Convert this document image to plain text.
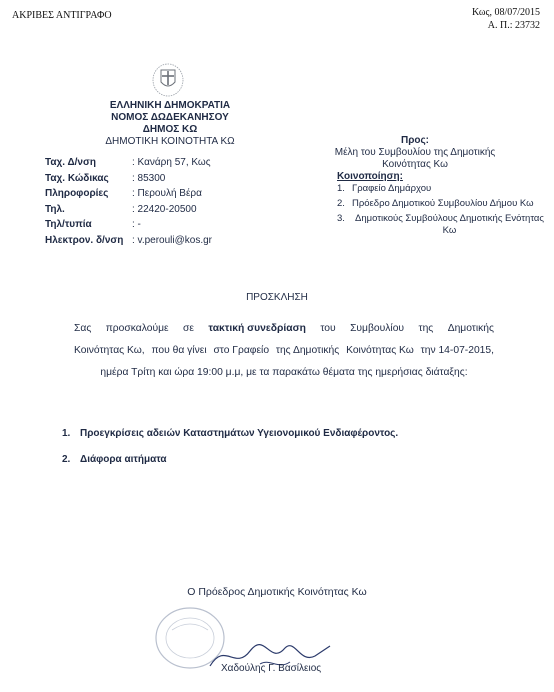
ΑΚΡΙΒΕΣ ΑΝΤΙΓΡΑΦΟ	Κως, 08/07/2015
Α. Π.: 23732
ΕΛΛΗΝΙΚΗ ΔΗΜΟΚΡΑΤΙΑ
ΝΟΜΟΣ ΔΩΔΕΚΑΝΗΣΟΥ
ΔΗΜΟΣ ΚΩ
ΔΗΜΟΤΙΚΗ ΚΟΙΝΟΤΗΤΑ ΚΩ
Ταχ. Δ/νση	: Κανάρη 57, Κως
Ταχ. Κώδικας : 85300
Πληροφορίες : Περουλή Βέρα
Τηλ.	: 22420-20500
Τηλ/τυπία	: -
Ηλεκτρον. δ/νση : v.perouli@kos.gr
Προς:
Μέλη του Συμβουλίου της Δημοτικής
Κοινότητας Κω
Κοινοποίηση:
1. Γραφείο Δημάρχου
2. Πρόεδρο Δημοτικού Συμβουλίου Δήμου Κω
3.	Δημοτικούς Συμβούλους Δημοτικής Ενότητας Κω
ΠΡΟΣΚΛΗΣΗ
Σας προσκαλούμε σε τακτική συνεδρίαση του Συμβουλίου της Δημοτικής
Κοινότητας Κω, που θα γίνει στο Γραφείο της Δημοτικής Κοινότητας Κω την 14-07-2015,
ημέρα Τρίτη και ώρα 19:00 μ.μ, με τα παρακάτω θέματα της ημερήσιας διάταξης:
1. Προεγκρίσεις αδειών Καταστημάτων Υγειονομικού Ενδιαφέροντος.
2. Διάφορα αιτήματα
Ο Πρόεδρος Δημοτικής Κοινότητας Κω
Χαδούλης Γ. Βασίλειος
